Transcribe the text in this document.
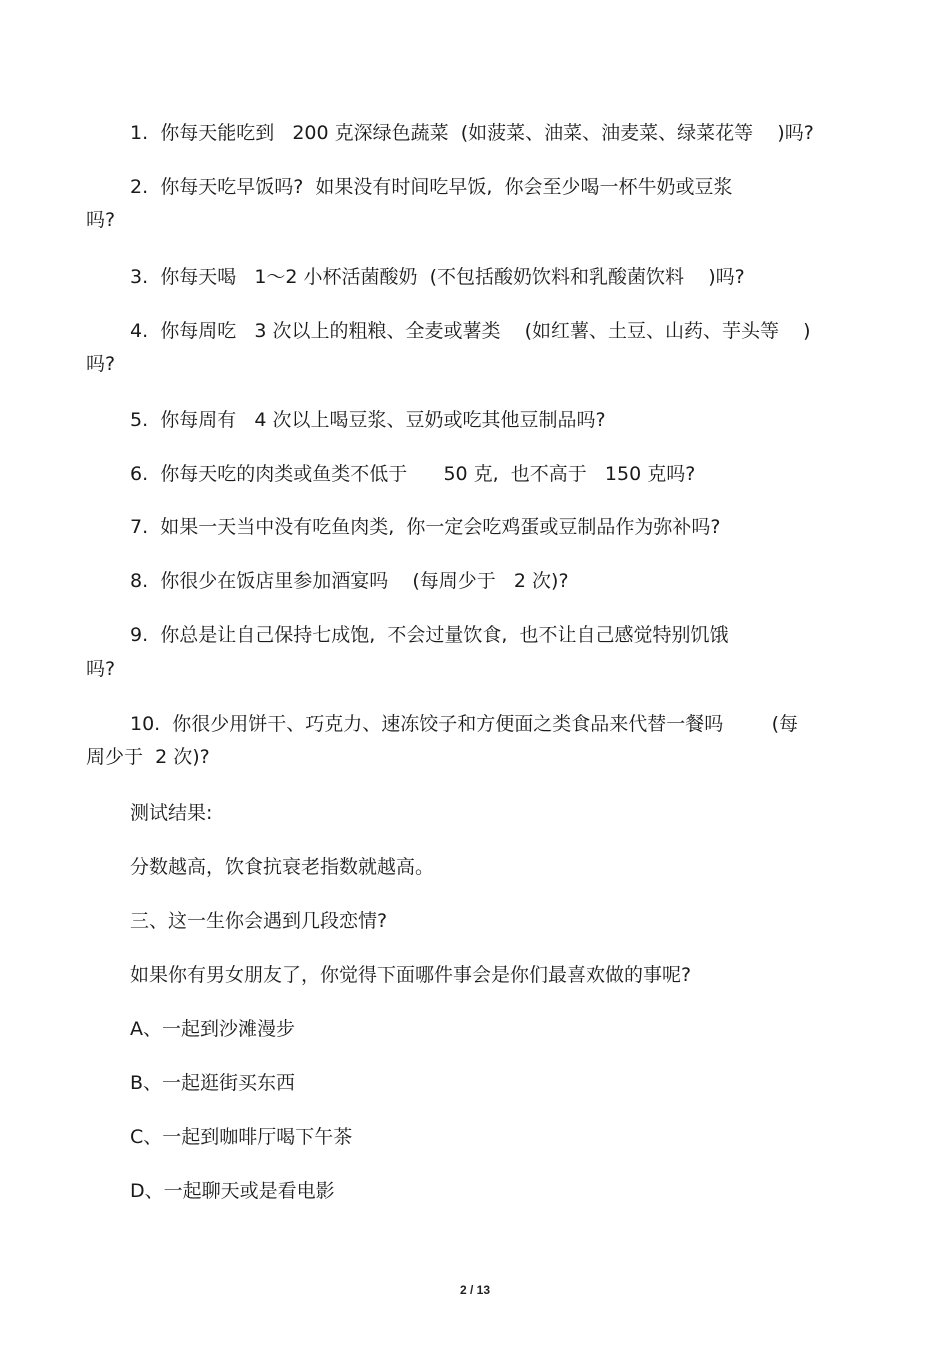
1.  你每天能吃到   200 克深绿色蔬菜  (如菠菜、油菜、油麦菜、绿菜花等    )吗?

2.  你每天吃早饭吗?  如果没有时间吃早饭,  你会至少喝一杯牛奶或豆浆

吗?

3.  你每天喝   1～2 小杯活菌酸奶  (不包括酸奶饮料和乳酸菌饮料    )吗?

4.  你每周吃   3 次以上的粗粮、全麦或薯类    (如红薯、土豆、山药、芋头等    )

吗?

5.  你每周有   4 次以上喝豆浆、豆奶或吃其他豆制品吗?

6.  你每天吃的肉类或鱼类不低于      50 克,  也不高于   150 克吗?

7.  如果一天当中没有吃鱼肉类,  你一定会吃鸡蛋或豆制品作为弥补吗?

8.  你很少在饭店里参加酒宴吗    (每周少于   2 次)?

9.  你总是让自己保持七成饱,  不会过量饮食,  也不让自己感觉特别饥饿

吗?

10.  你很少用饼干、巧克力、速冻饺子和方便面之类食品来代替一餐吗        (每

周少于  2 次)?

测试结果:

分数越高，饮食抗衰老指数就越高。

三、这一生你会遇到几段恋情?

如果你有男女朋友了，你觉得下面哪件事会是你们最喜欢做的事呢?

A、一起到沙滩漫步

B、一起逛街买东西

C、一起到咖啡厅喝下午茶

D、一起聊天或是看电影

2 / 13
